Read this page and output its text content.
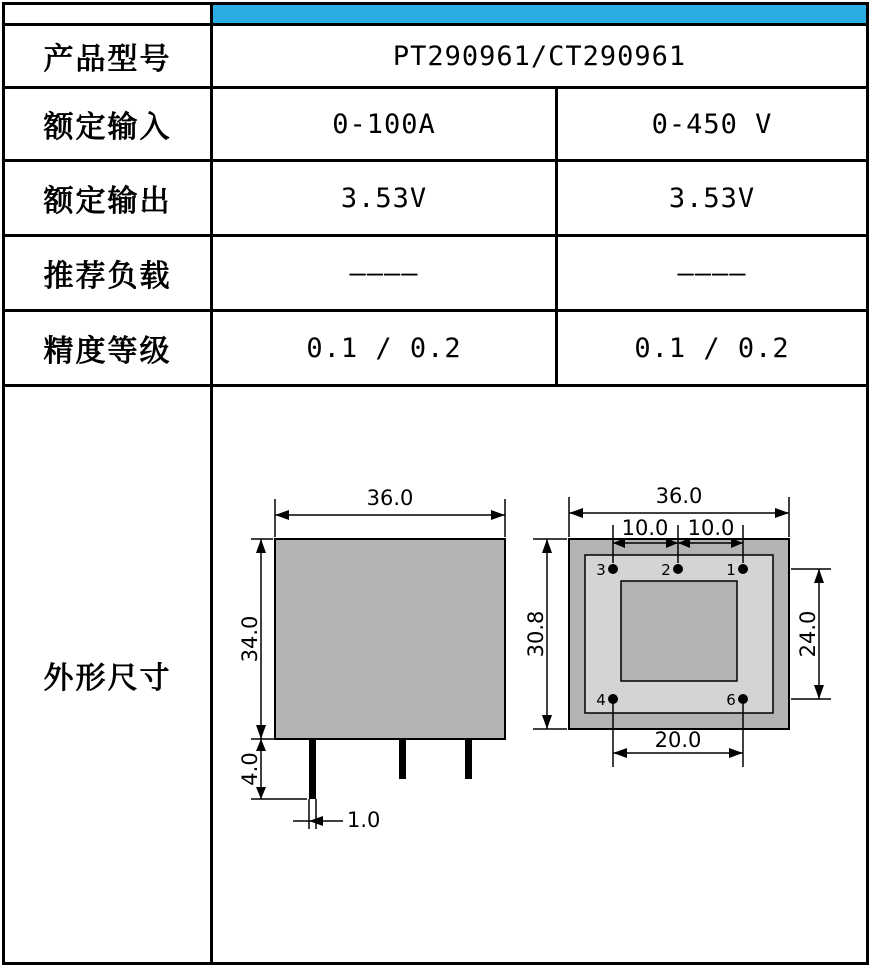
产品型号	PT290961/CT290961	
额定输入	0-100A	0-450 V
额定输出	3.53V	3.53V
推荐负载	————	————
精度等级	0.1 / 0.2	0.1 / 0.2
外形尺寸	
36.0
34.0
4.0
1.0
3	2	1
4	6
36.0
10.0 10.0
30.8	24.0
20.0
